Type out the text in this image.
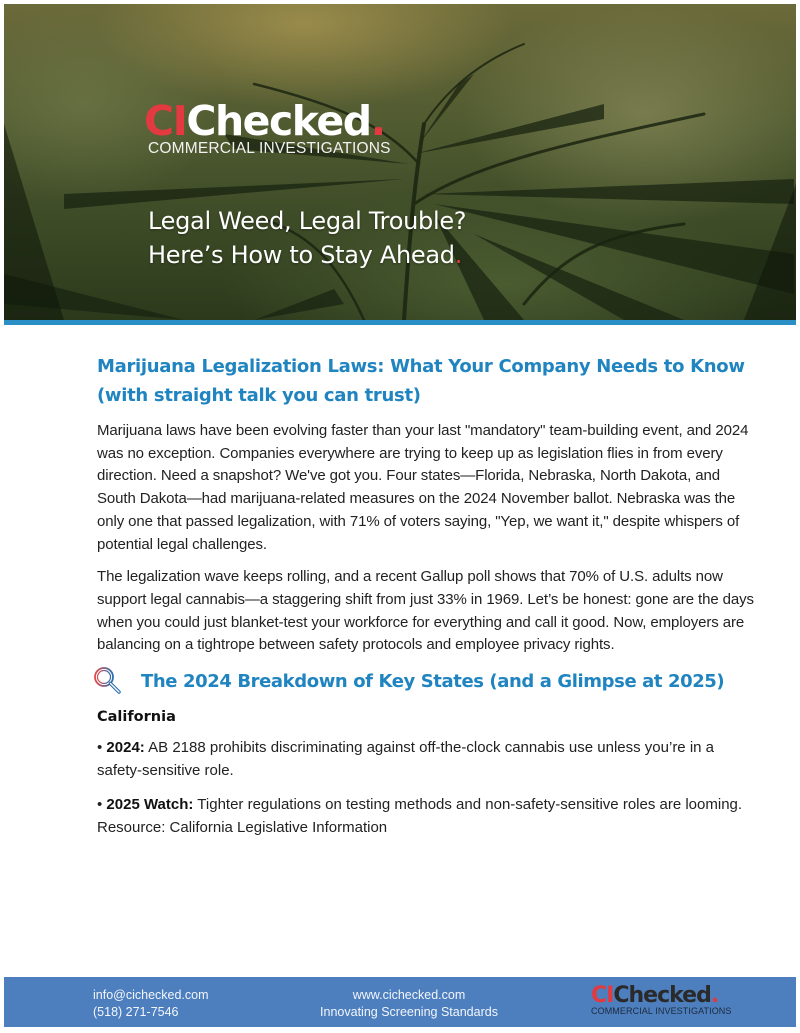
CIChecked.
COMMERCIAL INVESTIGATIONS
Legal Weed, Legal Trouble?
Here’s How to Stay Ahead.
Marijuana Legalization Laws: What Your Company Needs to Know (with straight talk you can trust)

Marijuana laws have been evolving faster than your last "mandatory" team-building event, and 2024 was no exception. Companies everywhere are trying to keep up as legislation flies in from every direction. Need a snapshot? We've got you. Four states—Florida, Nebraska, North Dakota, and South Dakota—had marijuana-related measures on the 2024 November ballot. Nebraska was the only one that passed legalization, with 71% of voters saying, "Yep, we want it," despite whispers of potential legal challenges.

The legalization wave keeps rolling, and a recent Gallup poll shows that 70% of U.S. adults now support legal cannabis—a staggering shift from just 33% in 1969. Let’s be honest: gone are the days when you could just blanket-test your workforce for everything and call it good. Now, employers are balancing on a tightrope between safety protocols and employee privacy rights.

The 2024 Breakdown of Key States (and a Glimpse at 2025)
California
• 2024: AB 2188 prohibits discriminating against off-the-clock cannabis use unless you’re in a safety-sensitive role.
• 2025 Watch: Tighter regulations on testing methods and non-safety-sensitive roles are looming.
Resource: California Legislative Information
info@cichecked.com
(518) 271-7546
www.cichecked.com
Innovating Screening Standards
CIChecked.
COMMERCIAL INVESTIGATIONS
